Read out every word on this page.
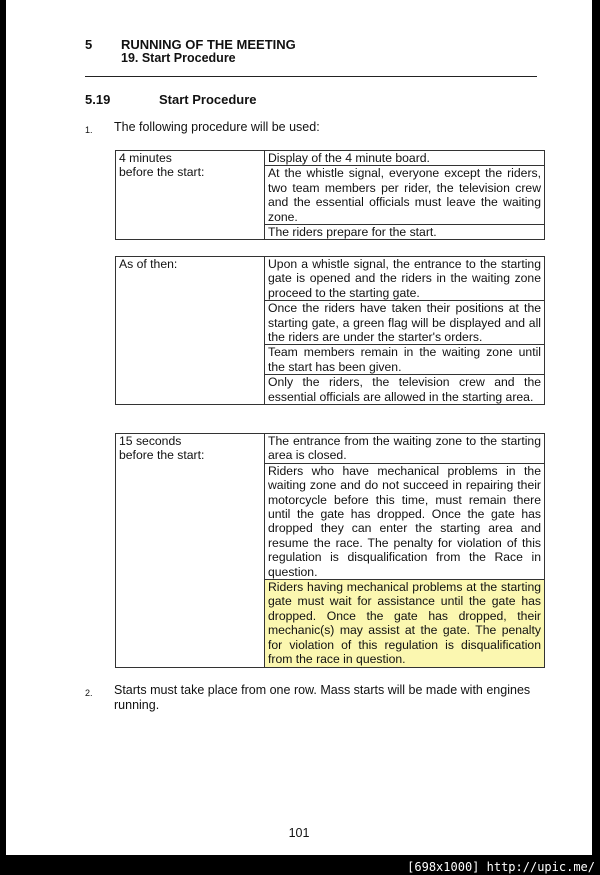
5 RUNNING OF THE MEETING
19. Start Procedure
5.19	Start Procedure
1. The following procedure will be used:
4 minutes
before the start:	Display of the 4 minute board.
At the whistle signal, everyone except the riders, two team members per rider, the television crew and the essential officials must leave the waiting zone.
The riders prepare for the start.
As of then:	Upon a whistle signal, the entrance to the starting gate is opened and the riders in the waiting zone proceed to the starting gate.
Once the riders have taken their positions at the starting gate, a green flag will be displayed and all the riders are under the starter's orders.
Team members remain in the waiting zone until the start has been given.
Only the riders, the television crew and the essential officials are allowed in the starting area.
15 seconds
before the start:	The entrance from the waiting zone to the starting area is closed.
Riders who have mechanical problems in the waiting zone and do not succeed in repairing their motorcycle before this time, must remain there until the gate has dropped. Once the gate has dropped they can enter the starting area and resume the race. The penalty for violation of this regulation is disqualification from the Race in question.
Riders having mechanical problems at the starting gate must wait for assistance until the gate has dropped. Once the gate has dropped, their mechanic(s) may assist at the gate. The penalty for violation of this regulation is disqualification from the race in question.
2. Starts must take place from one row. Mass starts will be made with engines running.
101
[698x1000] http://upic.me/
